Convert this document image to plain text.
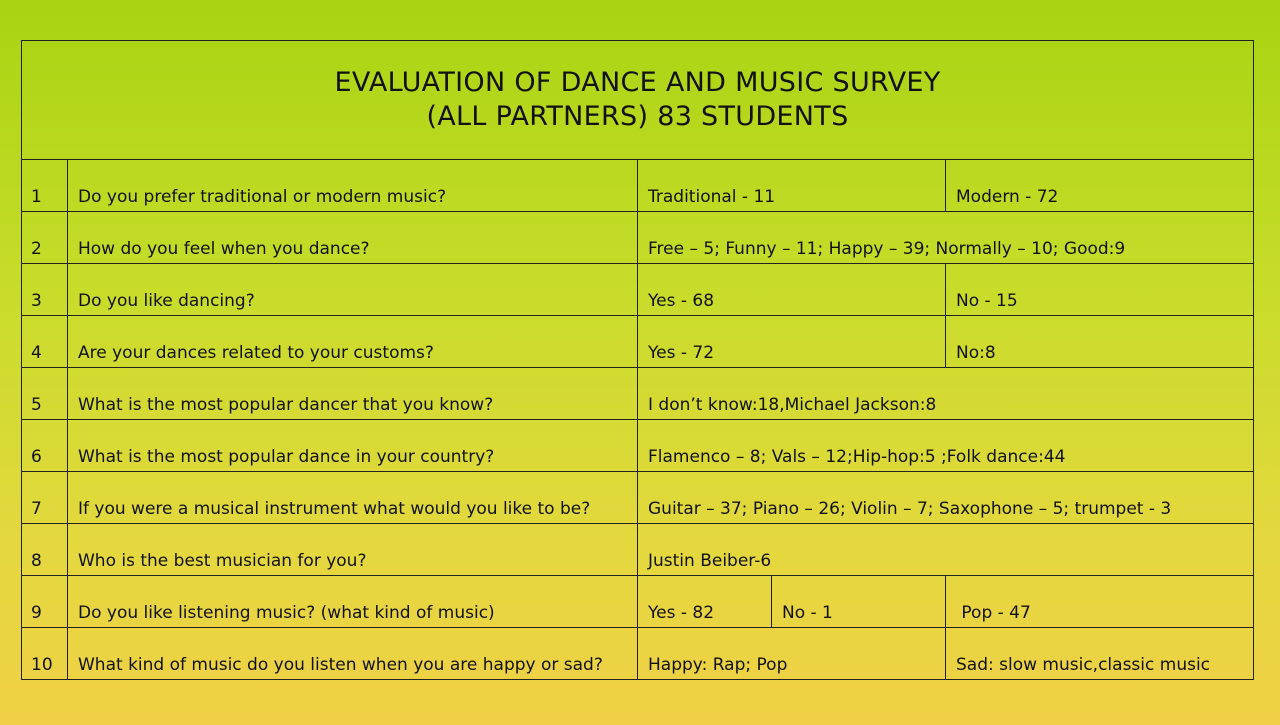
EVALUATION OF DANCE AND MUSIC SURVEY
(ALL PARTNERS) 83 STUDENTS
1	Do you prefer traditional or modern music?	Traditional - 11	Modern - 72
2	How do you feel when you dance?	Free – 5; Funny – 11; Happy – 39; Normally – 10; Good:9
3	Do you like dancing?	Yes - 68	No - 15
4	Are your dances related to your customs?	Yes - 72	No:8
5	What is the most popular dancer that you know?	I don’t know:18,Michael Jackson:8
6	What is the most popular dance in your country?	Flamenco – 8; Vals – 12;Hip-hop:5 ;Folk dance:44
7	If you were a musical instrument what would you like to be?	Guitar – 37; Piano – 26; Violin – 7; Saxophone – 5; trumpet - 3
8	Who is the best musician for you?	Justin Beiber-6
9	Do you like listening music? (what kind of music)	Yes - 82	No - 1	Pop - 47
10	What kind of music do you listen when you are happy or sad?	Happy: Rap; Pop	Sad: slow music,classic music
